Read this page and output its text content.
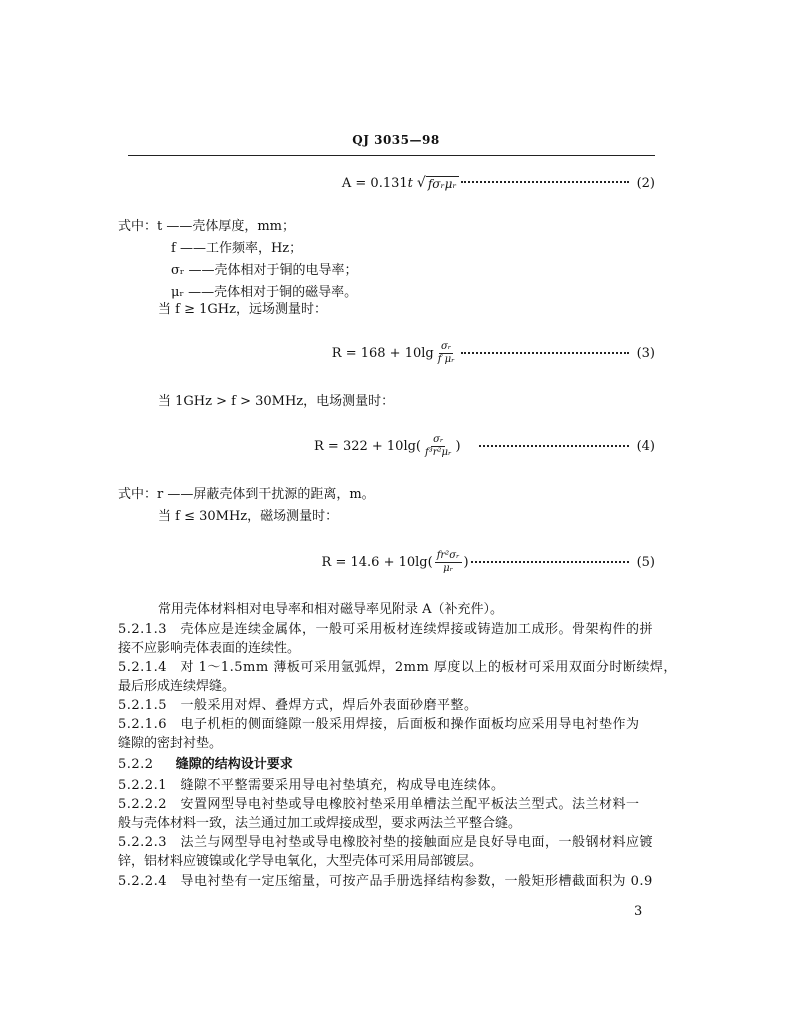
QJ 3035—98
A = 0.131 t √ fσᵣμᵣ	(2)
式中：t ——壳体厚度，mm；
f ——工作频率，Hz；
σᵣ ——壳体相对于铜的电导率；
μᵣ ——壳体相对于铜的磁导率。
当 f ≥ 1GHz，远场测量时：
$R = 168 + 10\lg \frac{\text{σᵣ}}{\text{f μᵣ}}$	(3)
当 1GHz > f > 30MHz，电场测量时：
$R = 322 + 10\lg( \frac{\text{σᵣ}}{\text{f³r²μᵣ}}$ )	(4)
式中：r ——屏蔽壳体到干扰源的距离，m。
当 f ≤ 30MHz，磁场测量时：
$R = 14.6 + 10\lg( \frac{\text{fr²σᵣ}}{\text{μᵣ}}$ )	(5)
常用壳体材料相对电导率和相对磁导率见附录 A（补充件）。
5.2.1.3　壳体应是连续金属体，一般可采用板材连续焊接或铸造加工成形。骨架构件的拼
接不应影响壳体表面的连续性。
5.2.1.4　对 1～1.5mm 薄板可采用氩弧焊，2mm 厚度以上的板材可采用双面分时断续焊，
最后形成连续焊缝。
5.2.1.5　一般采用对焊、叠焊方式，焊后外表面砂磨平整。
5.2.1.6　电子机柜的侧面缝隙一般采用焊接，后面板和操作面板均应采用导电衬垫作为
缝隙的密封衬垫。
5.2.2 缝隙的结构设计要求
5.2.2.1　缝隙不平整需要采用导电衬垫填充，构成导电连续体。
5.2.2.2　安置网型导电衬垫或导电橡胶衬垫采用单槽法兰配平板法兰型式。法兰材料一
般与壳体材料一致，法兰通过加工或焊接成型，要求两法兰平整合缝。
5.2.2.3　法兰与网型导电衬垫或导电橡胶衬垫的接触面应是良好导电面，一般钢材料应镀
锌，铝材料应镀镍或化学导电氧化，大型壳体可采用局部镀层。
5.2.2.4　导电衬垫有一定压缩量，可按产品手册选择结构参数，一般矩形槽截面积为 0.9
3
